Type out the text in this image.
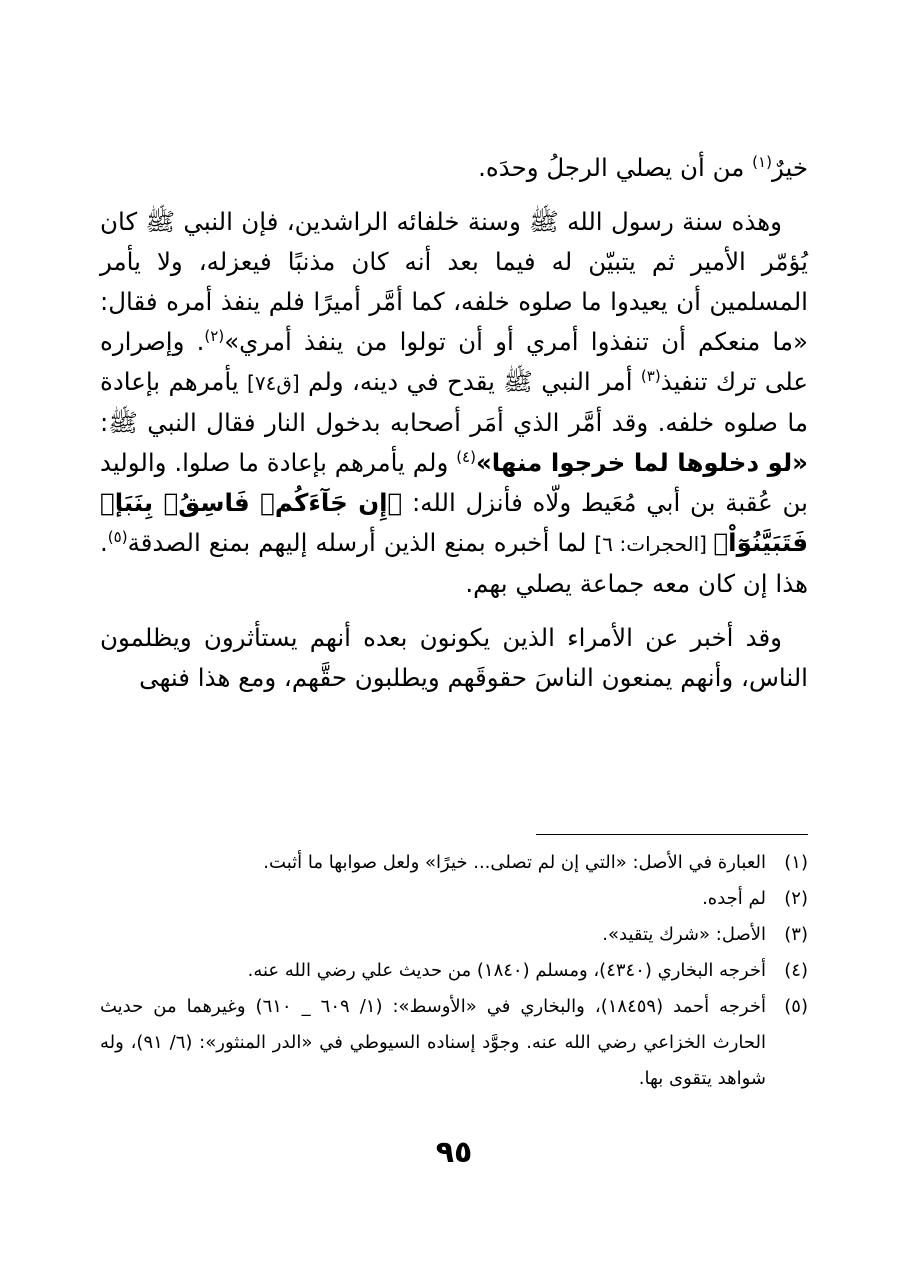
خيرٌ$^{(١)}$ من أن يصلي الرجلُ وحدَه.

وهذه سنة رسول الله ﷺ وسنة خلفائه الراشدين، فإن النبي ﷺ كان يُؤمّر الأمير ثم يتبيّن له فيما بعد أنه كان مذنبًا فيعزله، ولا يأمر المسلمين أن يعيدوا ما صلوه خلفه، كما أمَّر أميرًا فلم ينفذ أمره فقال: «ما منعكم أن تنفذوا أمري أو أن تولوا من ينفذ أمري»$^{(٢)}$. وإصراره على ترك تنفيذ$^{(٣)}$ أمر النبي ﷺ يقدح في دينه، ولم [ق٧٤] يأمرهم بإعادة ما صلوه خلفه. وقد أمَّر الذي أمَر أصحابه بدخول النار فقال النبي ﷺ: «لو دخلوها لما خرجوا منها»$^{(٤)}$ ولم يأمرهم بإعادة ما صلوا. والوليد بن عُقبة بن أبي مُعَيط ولّاه فأنزل الله: ﴿إِن جَآءَكُمۡ فَاسِقُۢ بِنَبَإٖ فَتَبَيَّنُوٓاْ﴾ [الحجرات: ٦] لما أخبره بمنع الذين أرسله إليهم بمنع الصدقة$^{(٥)}$. هذا إن كان معه جماعة يصلي بهم.

وقد أخبر عن الأمراء الذين يكونون بعده أنهم يستأثرون ويظلمون الناس، وأنهم يمنعون الناسَ حقوقَهم ويطلبون حقَّهم، ومع هذا فنهى

(١)
العبارة في الأصل: «التي إن لم تصلى... خيرًا» ولعل صوابها ما أثبت.
(٢)
لم أجده.
(٣)
الأصل: «شرك يتقيد».
(٤)
أخرجه البخاري (٤٣٤٠)، ومسلم (١٨٤٠) من حديث علي رضي الله عنه.
(٥)
أخرجه أحمد (١٨٤٥٩)، والبخاري في «الأوسط»: (١/ ٦٠٩ _ ٦١٠) وغيرهما من حديث الحارث الخزاعي رضي الله عنه. وجوَّد إسناده السيوطي في «الدر المنثور»: (٦/ ٩١)، وله شواهد يتقوى بها.
٩٥
